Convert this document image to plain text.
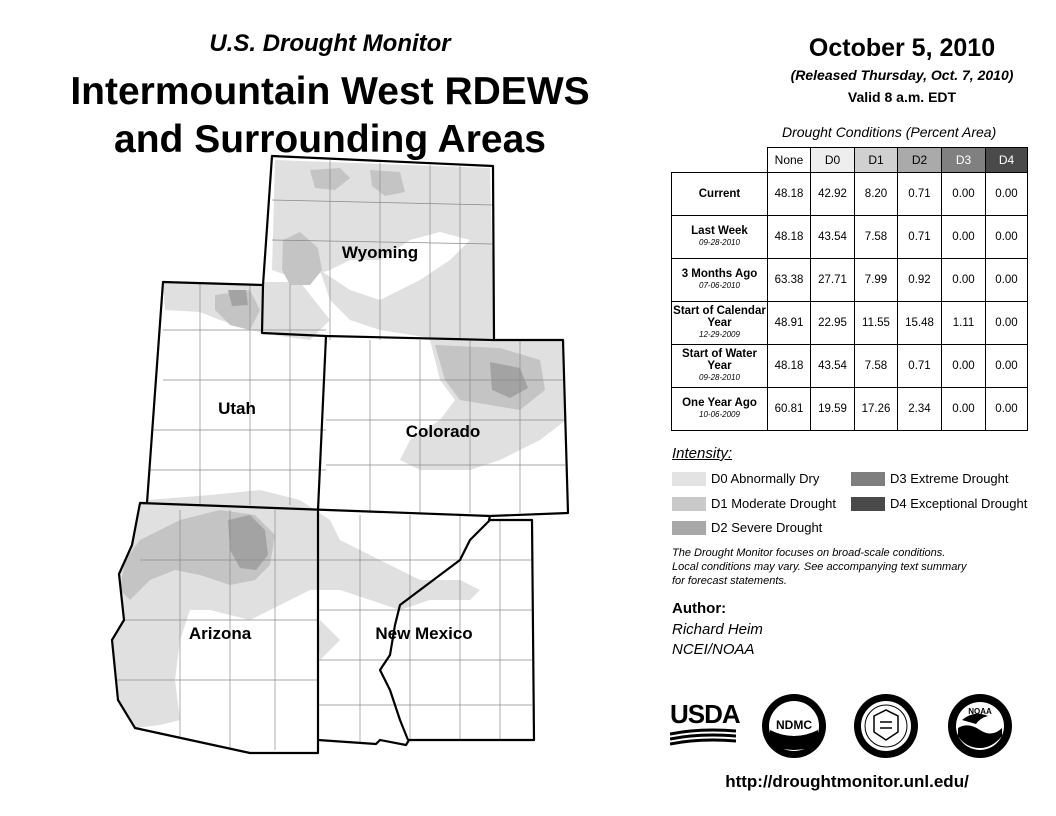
U.S. Drought Monitor
Intermountain West RDEWS
and Surrounding Areas
Wyoming
Utah
Colorado
Arizona	New Mexico
October 5, 2010
(Released Thursday, Oct. 7, 2010)
Valid 8 a.m. EDT
Drought Conditions (Percent Area)
	None	D0	D1	D2	D3	D4
Current	48.18	42.92	8.20	0.71	0.00	0.00
Last Week
09-28-2010	48.18	43.54	7.58	0.71	0.00	0.00
3 Months Ago
07-06-2010	63.38	27.71	7.99	0.92	0.00	0.00
Start of Calendar Year
12-29-2009	48.91	22.95	11.55	15.48	1.11	0.00
Start of Water Year
09-28-2010	48.18	43.54	7.58	0.71	0.00	0.00
One Year Ago
10-06-2009	60.81	19.59	17.26	2.34	0.00	0.00
Intensity:
D0 Abnormally Dry
D1 Moderate Drought
D2 Severe Drought
D3 Extreme Drought
D4 Exceptional Drought
The Drought Monitor focuses on broad-scale conditions.
Local conditions may vary. See accompanying text summary
for forecast statements.
Author:
Richard Heim
NCEI/NOAA
USDA	NDMC
NOAA
http://droughtmonitor.unl.edu/
